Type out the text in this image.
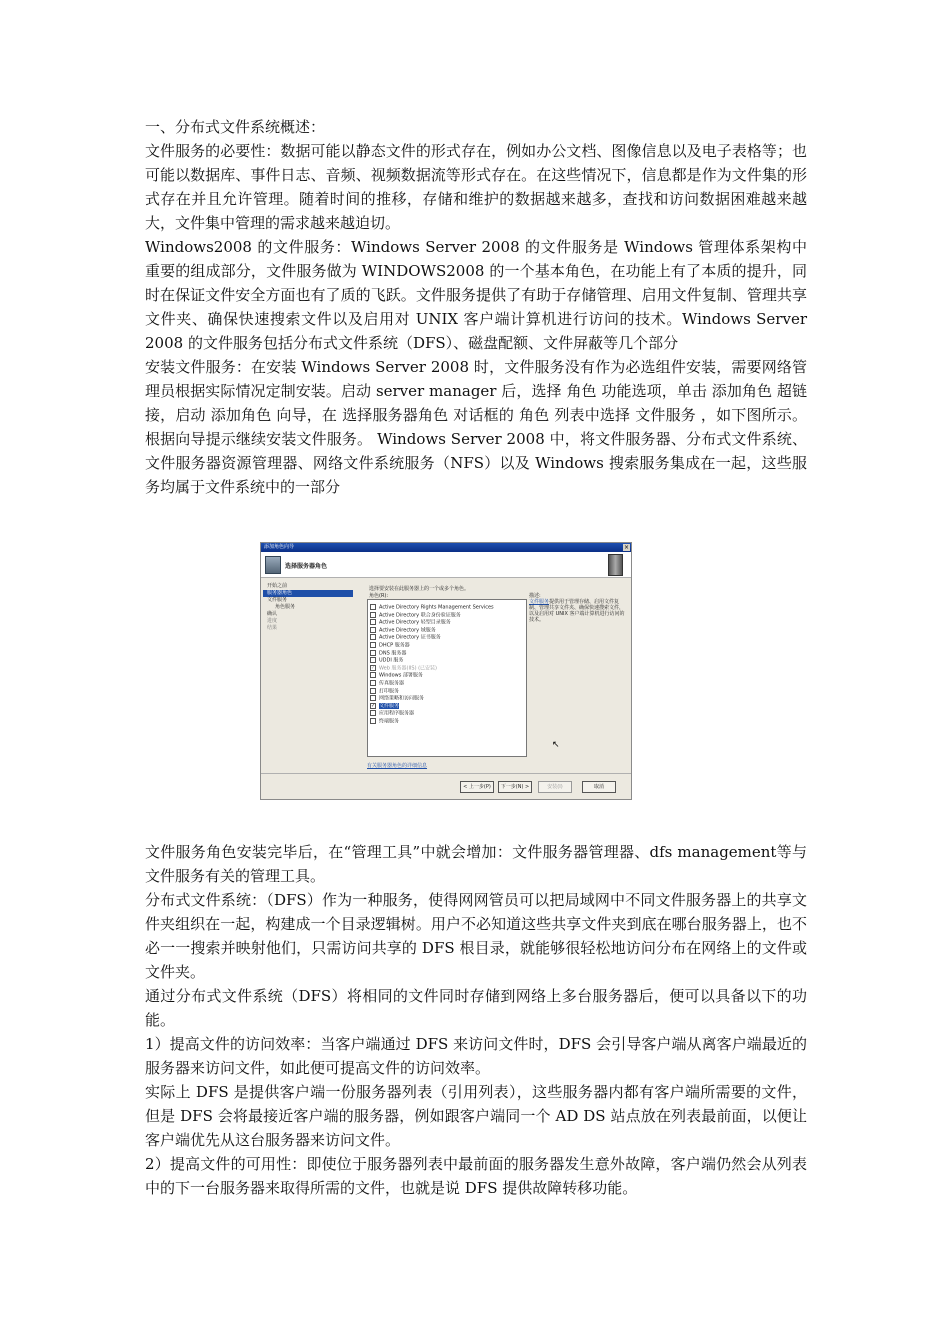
一、分布式文件系统概述：

文件服务的必要性：数据可能以静态文件的形式存在，例如办公文档、图像信息以及电子表格等；也可能以数据库、事件日志、音频、视频数据流等形式存在。在这些情况下，信息都是作为文件集的形式存在并且允许管理。随着时间的推移，存储和维护的数据越来越多，查找和访问数据困难越来越大，文件集中管理的需求越来越迫切。

Windows2008 的文件服务：Windows Server 2008 的文件服务是 Windows 管理体系架构中重要的组成部分，文件服务做为 WINDOWS2008 的一个基本角色，在功能上有了本质的提升，同时在保证文件安全方面也有了质的飞跃。文件服务提供了有助于存储管理、启用文件复制、管理共享文件夹、确保快速搜索文件以及启用对 UNIX 客户端计算机进行访问的技术。Windows Server 2008 的文件服务包括分布式文件系统（DFS）、磁盘配额、文件屏蔽等几个部分

安装文件服务：在安装 Windows Server 2008 时，文件服务没有作为必选组件安装，需要网络管理员根据实际情况定制安装。启动 server manager 后，选择 角色 功能选项，单击 添加角色 超链接，启动 添加角色 向导，在 选择服务器角色 对话框的 角色 列表中选择 文件服务 ，如下图所示。根据向导提示继续安装文件服务。 Windows Server 2008 中，将文件服务器、分布式文件系统、文件服务器资源管理器、网络文件系统服务（NFS）以及 Windows 搜索服务集成在一起，这些服务均属于文件系统中的一部分

添加角色向导	×
选择服务器角色
开始之前
服务器角色
文件服务
角色服务
确认
进度
结果
选择要安装在此服务器上的一个或多个角色。
角色(R):
Active Directory Rights Management Services
Active Directory 联合身份验证服务
Active Directory 轻型目录服务
Active Directory 域服务
Active Directory 证书服务
DHCP 服务器
DNS 服务器
UDDI 服务
✓ Web 服务器(IIS) (已安装)
Windows 部署服务
传真服务器
打印服务
网络策略和访问服务
✓ 文件服务
应用程序服务器
终端服务
描述:
文件服务提供用于管理存储、启用文件复制、管理共享文件夹、确保快速搜索文件，以及启用对 UNIX 客户端计算机进行访问的技术。
有关服务器角色的详细信息
↖
< 上一步(P)	下一步(N) >	安装(I)	取消

文件服务角色安装完毕后，在“管理工具”中就会增加：文件服务器管理器、dfs management等与文件服务有关的管理工具。

分布式文件系统：（DFS）作为一种服务，使得网网管员可以把局域网中不同文件服务器上的共享文件夹组织在一起，构建成一个目录逻辑树。用户不必知道这些共享文件夹到底在哪台服务器上，也不必一一搜索并映射他们，只需访问共享的 DFS 根目录，就能够很轻松地访问分布在网络上的文件或文件夹。

通过分布式文件系统（DFS）将相同的文件同时存储到网络上多台服务器后，便可以具备以下的功能。

1）提高文件的访问效率：当客户端通过 DFS 来访问文件时，DFS 会引导客户端从离客户端最近的服务器来访问文件，如此便可提高文件的访问效率。

实际上 DFS 是提供客户端一份服务器列表（引用列表），这些服务器内都有客户端所需要的文件，但是 DFS 会将最接近客户端的服务器，例如跟客户端同一个 AD DS 站点放在列表最前面，以便让客户端优先从这台服务器来访问文件。

2）提高文件的可用性：即使位于服务器列表中最前面的服务器发生意外故障，客户端仍然会从列表中的下一台服务器来取得所需的文件，也就是说 DFS 提供故障转移功能。
